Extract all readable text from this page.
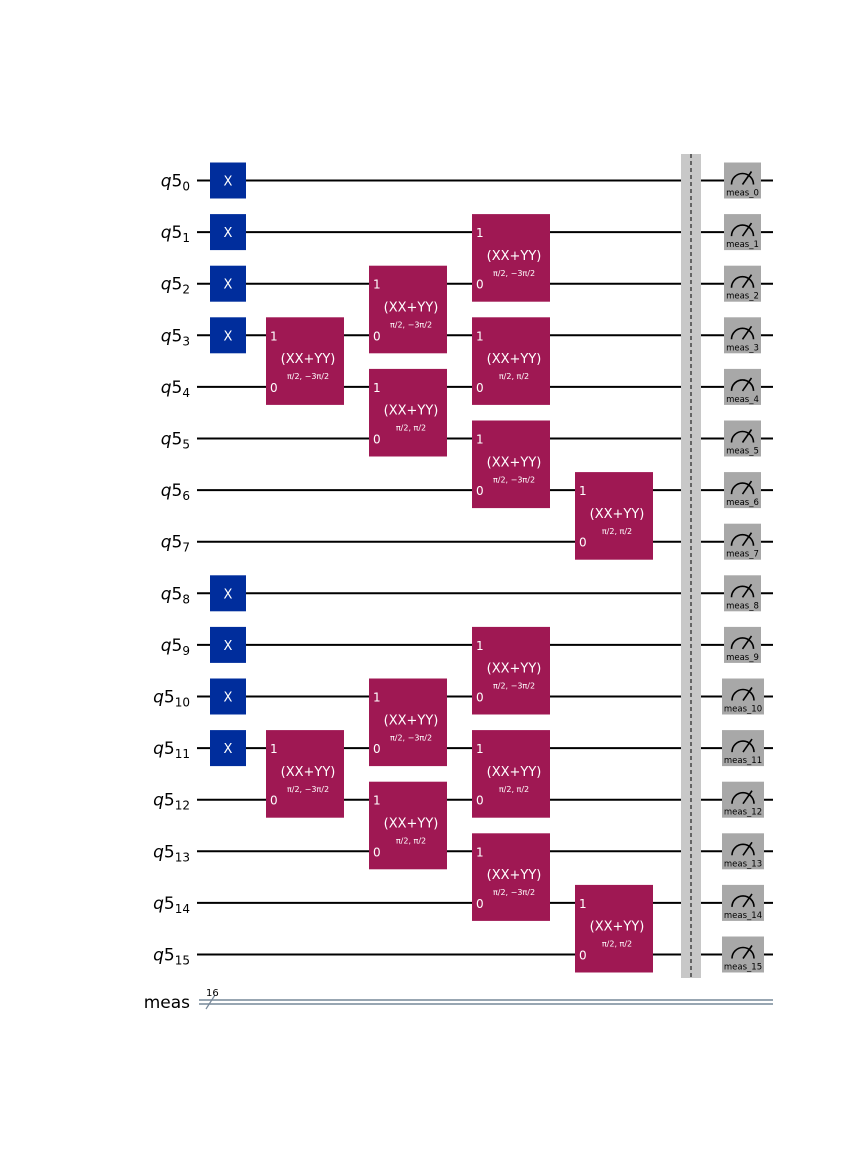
16
$q5_0$
$q5_1$
$q5_2$
$q5_3$
$q5_4$
$q5_5$
$q5_6$
$q5_7$
$q5_8$
$q5_9$
$q5_{10}$
$q5_{11}$
$q5_{12}$
$q5_{13}$
$q5_{14}$
$q5_{15}$
meas
X
X
X
X
X
X
X
X
1
0
(XX+YY)
π/2, −3π/2
1
0
(XX+YY)
π/2, −3π/2
1
0
(XX+YY)
π/2, −3π/2
1
0
(XX+YY)
π/2, π/2
1
0
(XX+YY)
π/2, −3π/2
1
0
(XX+YY)
π/2, π/2
1
0
(XX+YY)
π/2, −3π/2
1
0
(XX+YY)
π/2, π/2
1
0
(XX+YY)
π/2, −3π/2
1
0
(XX+YY)
π/2, −3π/2
1
0
(XX+YY)
π/2, π/2
1
0
(XX+YY)
π/2, −3π/2
1
0
(XX+YY)
π/2, π/2
1
0
(XX+YY)
π/2, π/2
meas_0
meas_1
meas_2
meas_3
meas_4
meas_5
meas_6
meas_7
meas_8
meas_9
meas_10
meas_11
meas_12
meas_13
meas_14
meas_15
